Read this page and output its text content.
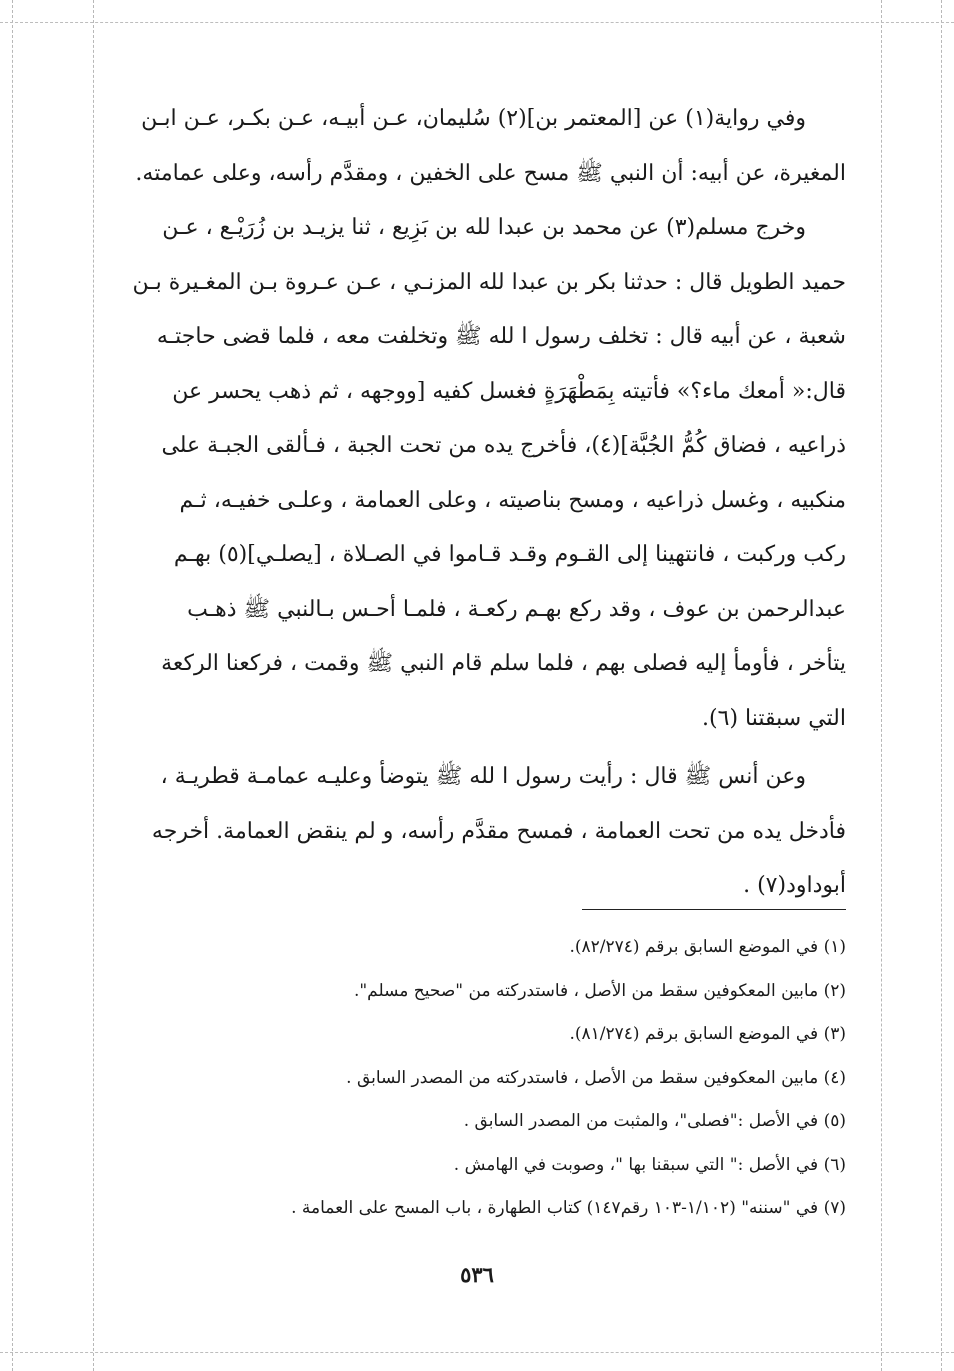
وفي رواية(١) عن [المعتمر بن](٢) سُليمان، عـن أبيـه، عـن بكـر، عـن ابـن

المغيرة، عن أبيه: أن النبي ﷺ مسح على الخفين ، ومقدَّم رأسه، وعلى عمامته.

وخرج مسلم(٣) عن محمد بن عبدا لله بن بَزِيع ، ثنا يزيـد بن زُرَيْـع ، عـن

حميد الطويل قال : حدثنا بكر بن عبدا لله المزنـي ، عـن عـروة بـن المغـيرة بـن

شعبة ، عن أبيه قال : تخلف رسول ا لله ﷺ وتخلفت معه ، فلما قضى حاجتـه

قال:« أمعك ماء؟» فأتيته بِمَطْهَرَةٍ فغسل كفيه [ووجهه ، ثم ذهب يحسر عن

ذراعيه ، فضاق كُمُّ الجُبَّة](٤)، فأخرج يده من تحت الجبة ، فـألقى الجبـة على

منكبيه ، وغسل ذراعيه ، ومسح بناصيته ، وعلى العمامة ، وعلـى خفيـه، ثـم

ركب وركبت ، فانتهينا إلى القـوم وقـد قـاموا في الصـلاة ، [يصلـي](٥) بهـم

عبدالرحمن بن عوف ، وقد ركع بهـم ركعـة ، فلمـا أحـس بـالنبي ﷺ ذهـب

يتأخر ، فأومأ إليه فصلى بهم ، فلما سلم قام النبي ﷺ وقمت ، فركعنا الركعة

التي سبقتنا (٦).

وعن أنس ﷺ قال : رأيت رسول ا لله ﷺ يتوضأ وعليـه عمامـة قطريـة ،

فأدخل يده من تحت العمامة ، فمسح مقدَّم رأسه، و لم ينقض العمامة. أخرجه

أبوداود(٧) .

(١) في الموضع السابق برقم (٨٢/٢٧٤).

(٢) مابين المعكوفين سقط من الأصل ، فاستدركته من "صحيح مسلم".

(٣) في الموضع السابق برقم (٨١/٢٧٤).

(٤) مابين المعكوفين سقط من الأصل ، فاستدركته من المصدر السابق .

(٥) في الأصل :"فصلى"، والمثبت من المصدر السابق .

(٦) في الأصل :" التي سبقنا بها "، وصوبت في الهامش .

(٧) في "سننه" (١/١٠٢-١٠٣ رقم١٤٧) كتاب الطهارة ، باب المسح على العمامة .

٥٣٦
